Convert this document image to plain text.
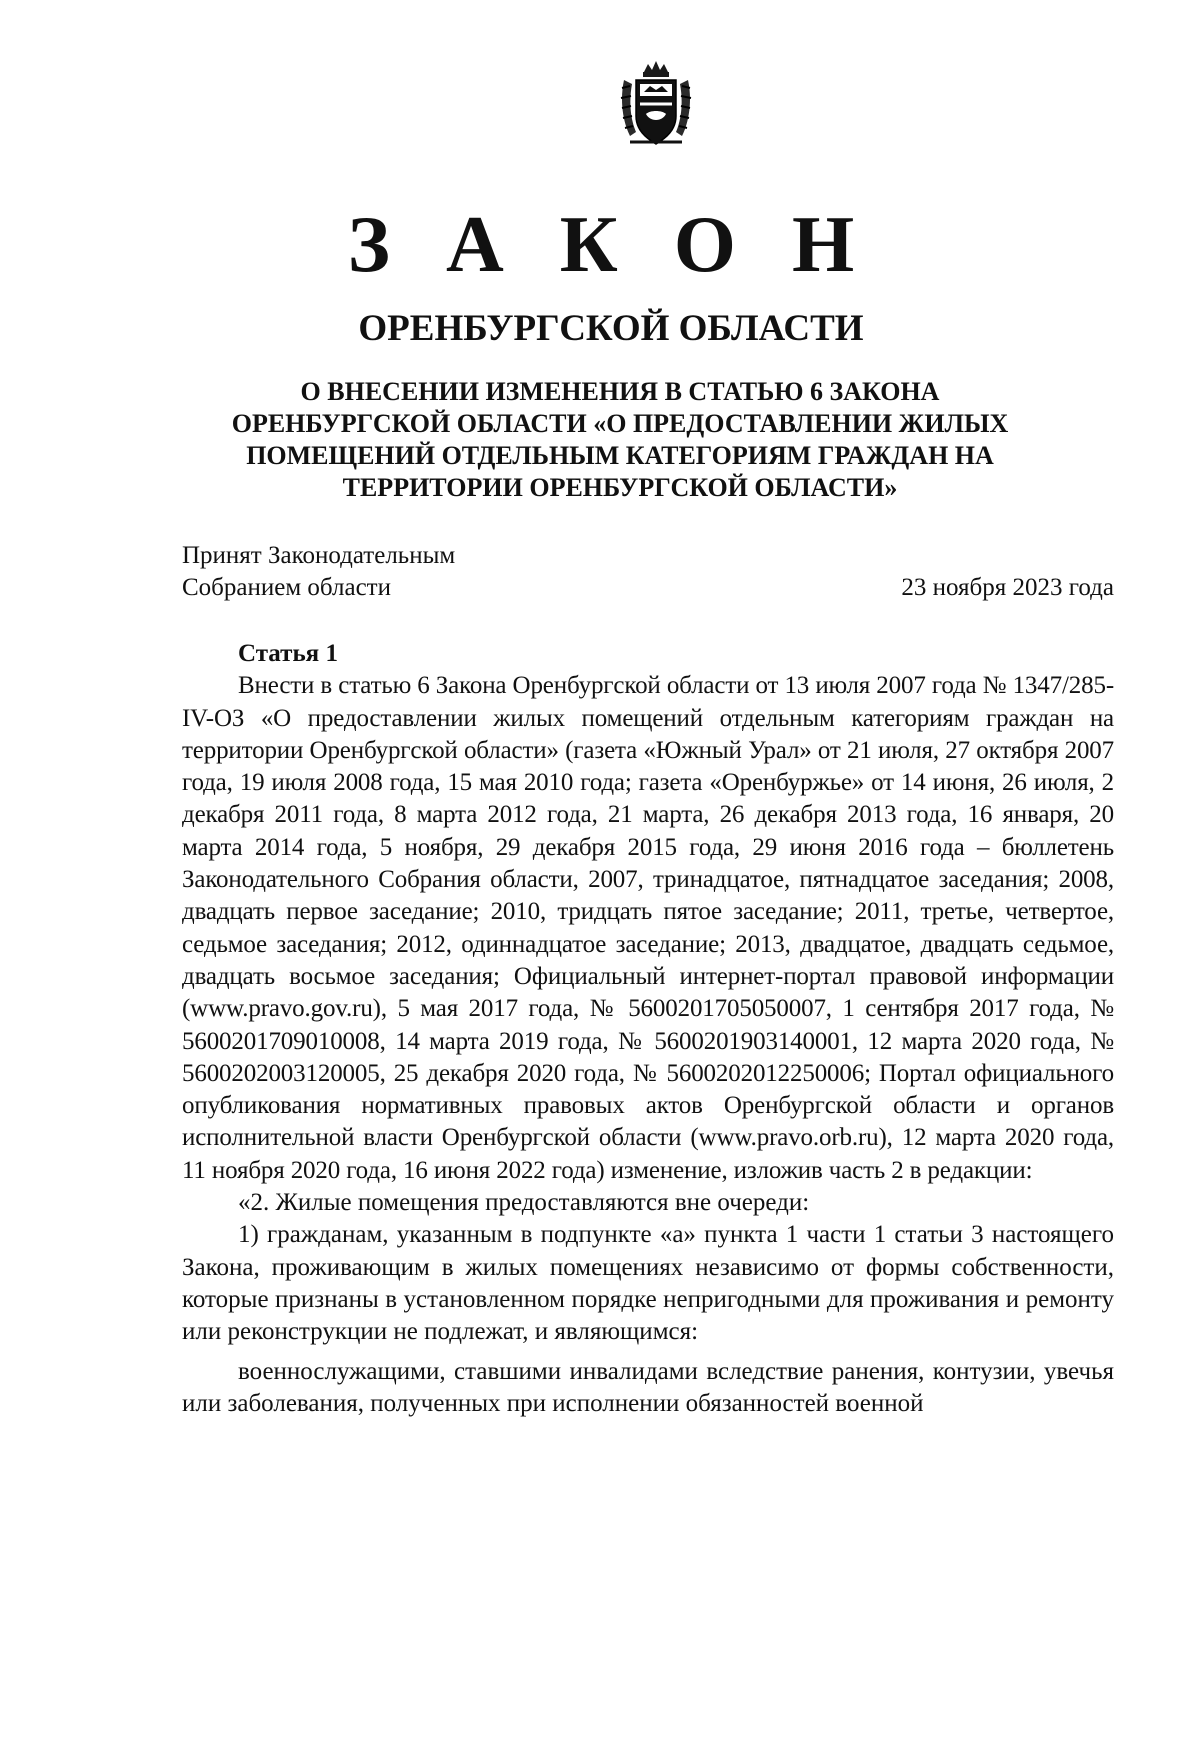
З А К О Н
ОРЕНБУРГСКОЙ ОБЛАСТИ
О ВНЕСЕНИИ ИЗМЕНЕНИЯ В СТАТЬЮ 6 ЗАКОНА
ОРЕНБУРГСКОЙ ОБЛАСТИ «О ПРЕДОСТАВЛЕНИИ ЖИЛЫХ
ПОМЕЩЕНИЙ ОТДЕЛЬНЫМ КАТЕГОРИЯМ ГРАЖДАН НА
ТЕРРИТОРИИ ОРЕНБУРГСКОЙ ОБЛАСТИ»
Принят Законодательным
Собранием области	23 ноября 2023 года
Статья 1

Внести в статью 6 Закона Оренбургской области от 13 июля 2007 года № 1347/285-IV-ОЗ «О предоставлении жилых помещений отдельным категориям граждан на территории Оренбургской области» (газета «Южный Урал» от 21 июля, 27 октября 2007 года, 19 июля 2008 года, 15 мая 2010 года; газета «Оренбуржье» от 14 июня, 26 июля, 2 декабря 2011 года, 8 марта 2012 года, 21 марта, 26 декабря 2013 года, 16 января, 20 марта 2014 года, 5 ноября, 29 декабря 2015 года, 29 июня 2016 года – бюллетень Законодательного Собрания области, 2007, тринадцатое, пятнадцатое заседания; 2008, двадцать первое заседание; 2010, тридцать пятое заседание; 2011, третье, четвертое, седьмое заседания; 2012, одиннадцатое заседание; 2013, двадцатое, двадцать седьмое, двадцать восьмое заседания; Официальный интернет-портал правовой информации (www.pravo.gov.ru), 5 мая 2017 года, № 5600201705050007, 1 сентября 2017 года, № 5600201709010008, 14 марта 2019 года, № 5600201903140001, 12 марта 2020 года, № 5600202003120005, 25 декабря 2020 года, № 5600202012250006; Портал официального опубликования нормативных правовых актов Оренбургской области и органов исполнительной власти Оренбургской области (www.pravo.orb.ru), 12 марта 2020 года, 11 ноября 2020 года, 16 июня 2022 года) изменение, изложив часть 2 в редакции:

«2. Жилые помещения предоставляются вне очереди:

1) гражданам, указанным в подпункте «а» пункта 1 части 1 статьи 3 настоящего Закона, проживающим в жилых помещениях независимо от формы собственности, которые признаны в установленном порядке непригодными для проживания и ремонту или реконструкции не подлежат, и являющимся:

военнослужащими, ставшими инвалидами вследствие ранения, контузии, увечья или заболевания, полученных при исполнении обязанностей военной
